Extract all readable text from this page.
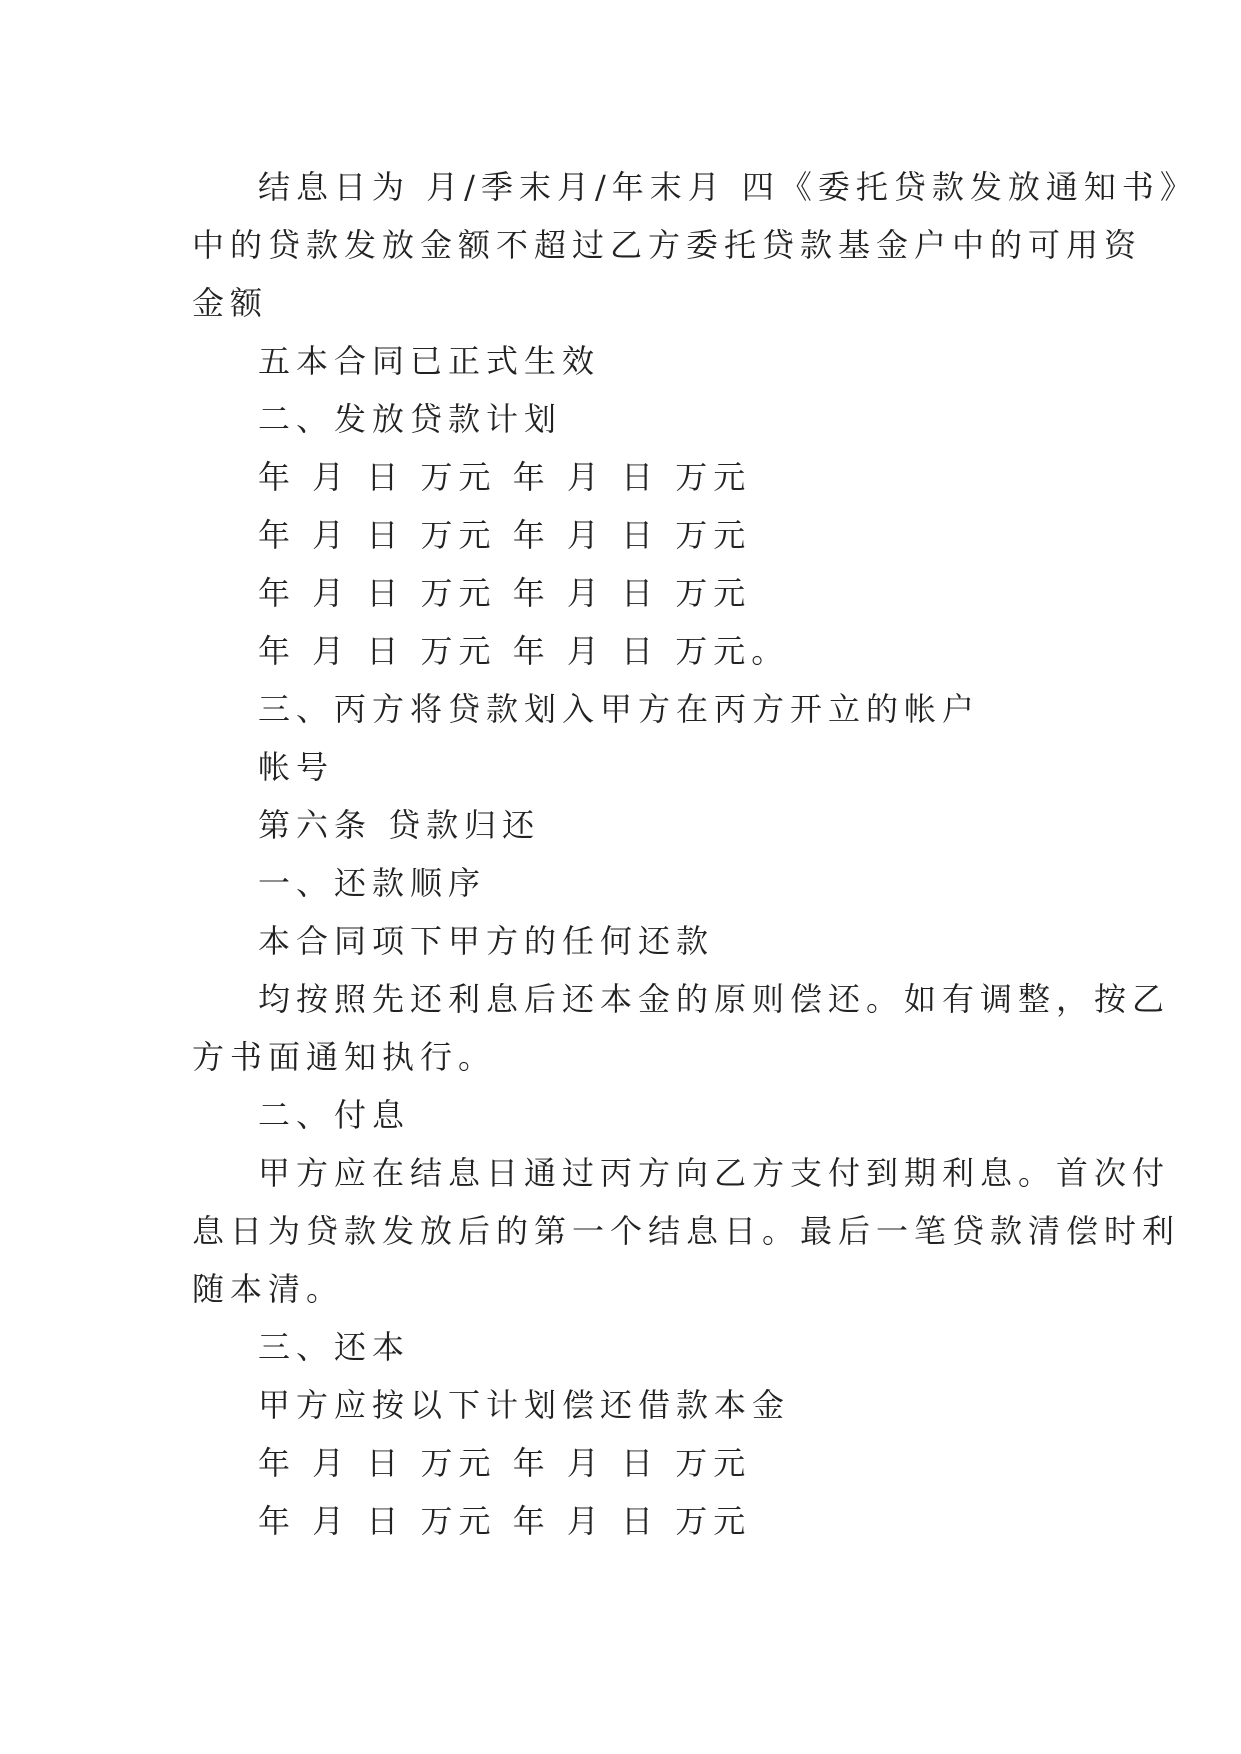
结息日为 月/季末月/年末月 四《委托贷款发放通知书》
中的贷款发放金额不超过乙方委托贷款基金户中的可用资
金额
五本合同已正式生效
二、发放贷款计划
年 月 日 万元 年 月 日 万元
年 月 日 万元 年 月 日 万元
年 月 日 万元 年 月 日 万元
年 月 日 万元 年 月 日 万元。
三、丙方将贷款划入甲方在丙方开立的帐户
帐号
第六条 贷款归还
一、还款顺序
本合同项下甲方的任何还款
均按照先还利息后还本金的原则偿还。如有调整，按乙
方书面通知执行。
二、付息
甲方应在结息日通过丙方向乙方支付到期利息。首次付
息日为贷款发放后的第一个结息日。最后一笔贷款清偿时利
随本清。
三、还本
甲方应按以下计划偿还借款本金
年 月 日 万元 年 月 日 万元
年 月 日 万元 年 月 日 万元
